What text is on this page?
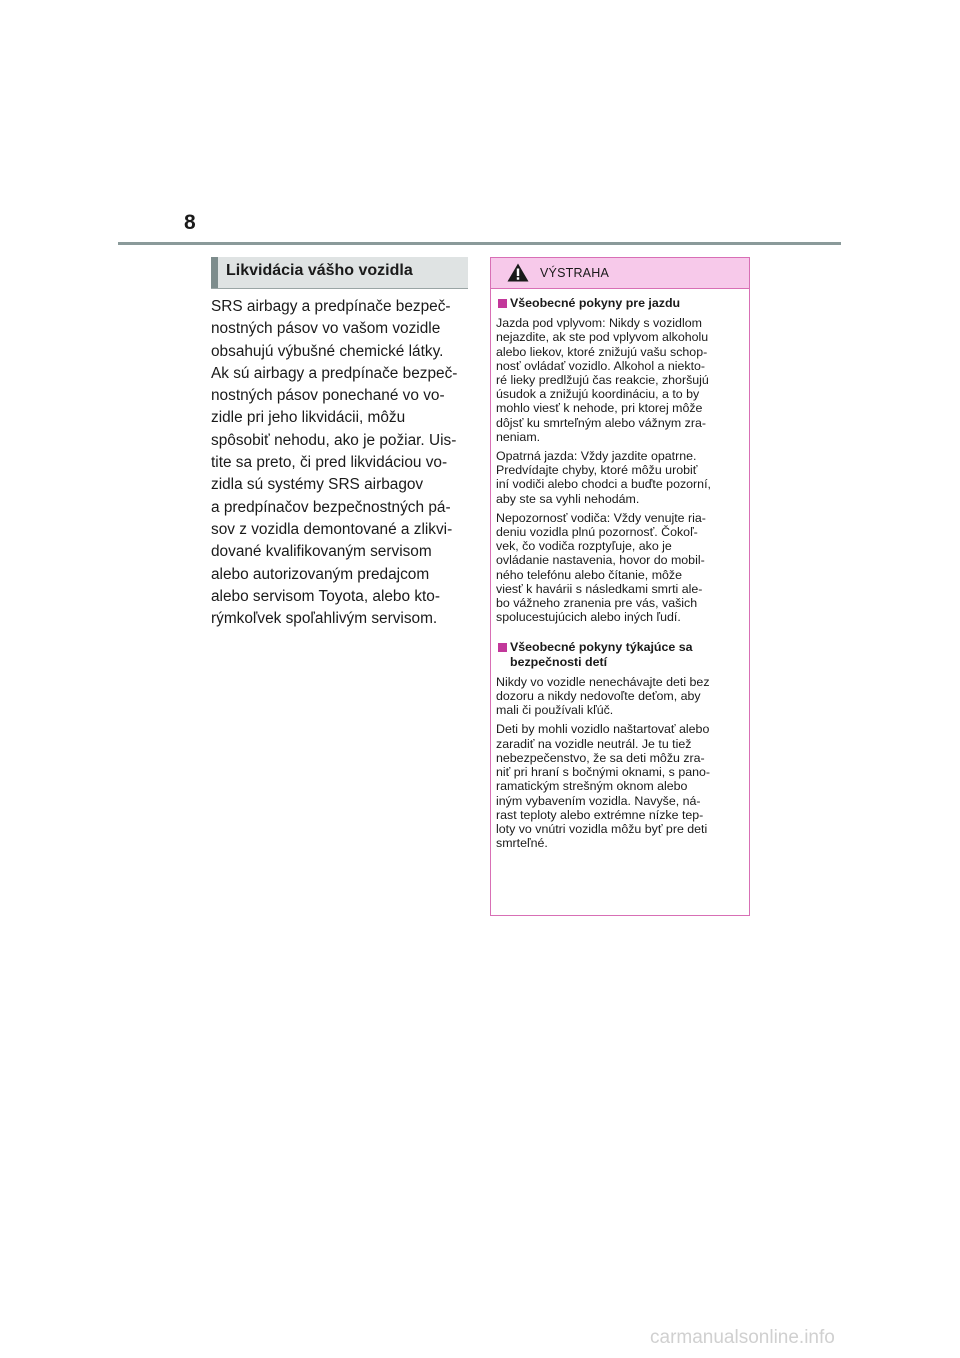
8
Likvidácia vášho vozidla
SRS airbagy a predpínače bezpeč-
nostných pásov vo vašom vozidle
obsahujú výbušné chemické látky.
Ak sú airbagy a predpínače bezpeč-
nostných pásov ponechané vo vo-
zidle pri jeho likvidácii, môžu
spôsobiť nehodu, ako je požiar. Uis-
tite sa preto, či pred likvidáciou vo-
zidla sú systémy SRS airbagov
a predpínačov bezpečnostných pá-
sov z vozidla demontované a zlikvi-
dované kvalifikovaným servisom
alebo autorizovaným predajcom
alebo servisom Toyota, alebo kto-
rýmkoľvek spoľahlivým servisom.
VÝSTRAHA
Všeobecné pokyny pre jazdu
Jazda pod vplyvom: Nikdy s vozidlom
nejazdite, ak ste pod vplyvom alkoholu
alebo liekov, ktoré znižujú vašu schop-
nosť ovládať vozidlo. Alkohol a niekto-
ré lieky predlžujú čas reakcie, zhoršujú
úsudok a znižujú koordináciu, a to by
mohlo viesť k nehode, pri ktorej môže
dôjsť ku smrteľným alebo vážnym zra-
neniam.
Opatrná jazda: Vždy jazdite opatrne.
Predvídajte chyby, ktoré môžu urobiť
iní vodiči alebo chodci a buďte pozorní,
aby ste sa vyhli nehodám.
Nepozornosť vodiča: Vždy venujte ria-
deniu vozidla plnú pozornosť. Čokoľ-
vek, čo vodiča rozptyľuje, ako je
ovládanie nastavenia, hovor do mobil-
ného telefónu alebo čítanie, môže
viesť k havárii s následkami smrti ale-
bo vážneho zranenia pre vás, vašich
spolucestujúcich alebo iných ľudí.
Všeobecné pokyny týkajúce sa
bezpečnosti detí
Nikdy vo vozidle nenechávajte deti bez
dozoru a nikdy nedovoľte deťom, aby
mali či používali kľúč.
Deti by mohli vozidlo naštartovať alebo
zaradiť na vozidle neutrál. Je tu tiež
nebezpečenstvo, že sa deti môžu zra-
niť pri hraní s bočnými oknami, s pano-
ramatickým strešným oknom alebo
iným vybavením vozidla. Navyše, ná-
rast teploty alebo extrémne nízke tep-
loty vo vnútri vozidla môžu byť pre deti
smrteľné.
carmanualsonline.info
